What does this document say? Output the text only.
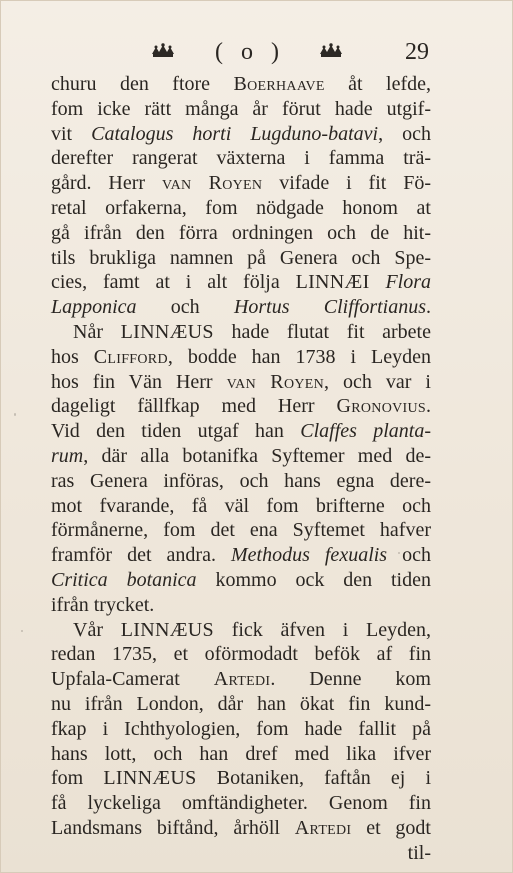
( o )	29
churu den ftore Boerhaave åt lefde,
fom icke rätt många år förut hade utgif-
vit Catalogus horti Lugduno-batavi, och
derefter rangerat växterna i famma trä-
gård. Herr van Royen vifade i fit Fö-
retal orfakerna, fom nödgade honom at
gå ifrån den förra ordningen och de hit-
tils brukliga namnen på Genera och Spe-
cies, famt at i alt följa LINNÆI Flora
Lapponica och Hortus Cliffortianus.
Når LINNÆUS hade flutat fit arbete
hos Clifford, bodde han 1738 i Leyden
hos fin Vän Herr van Royen, och var i
dageligt fällfkap med Herr Gronovius.
Vid den tiden utgaf han Claffes planta-
rum, där alla botanifka Syftemer med de-
ras Genera införas, och hans egna dere-
mot fvarande, få väl fom brifterne och
förmånerne, fom det ena Syftemet hafver
framför det andra. Methodus fexualis och
Critica botanica kommo ock den tiden
ifrån trycket.
Vår LINNÆUS fick äfven i Leyden,
redan 1735, et oförmodadt befök af fin
Upfala-Camerat Artedi. Denne kom
nu ifrån London, dår han ökat fin kund-
fkap i Ichthyologien, fom hade fallit på
hans lott, och han dref med lika ifver
fom LINNÆUS Botaniken, faftån ej i
få lyckeliga omftändigheter. Genom fin
Landsmans biftånd, århöll Artedi et godt
til-
